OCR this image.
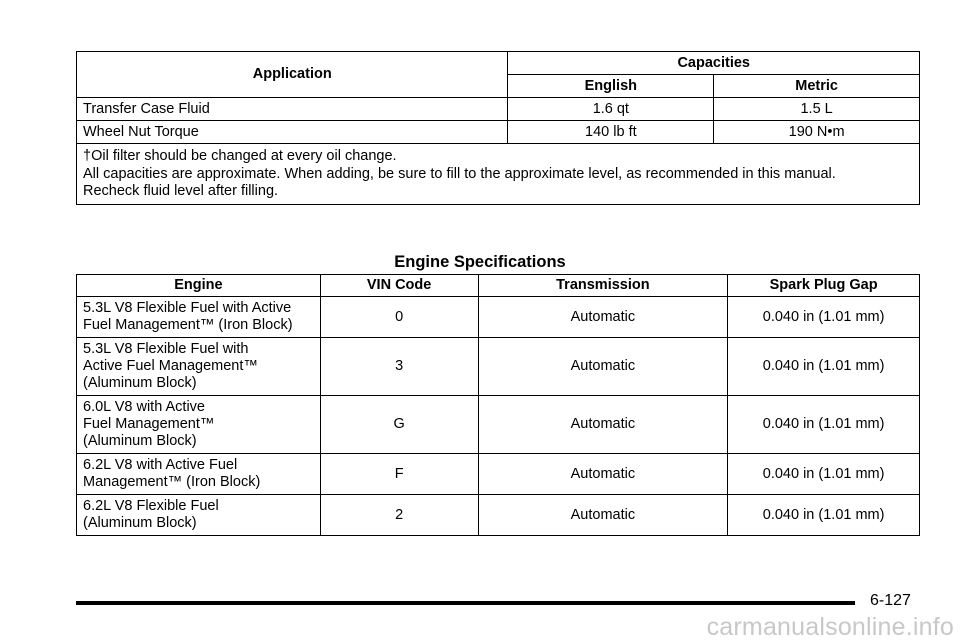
Application	Capacities	
	English	Metric
Transfer Case Fluid	1.6 qt	1.5 L
Wheel Nut Torque	140 lb ft	190 N•m

†Oil filter should be changed at every oil change.
All capacities are approximate. When adding, be sure to fill to the approximate level, as recommended in this manual.
Recheck fluid level after filling.		
Engine Specifications
Engine	VIN Code	Transmission	Spark Plug Gap

5.3L V8 Flexible Fuel with Active
Fuel Management™ (Iron Block)	0	Automatic	0.040 in (1.01 mm)

5.3L V8 Flexible Fuel with
Active Fuel Management™
(Aluminum Block)	3	Automatic	0.040 in (1.01 mm)

6.0L V8 with Active
Fuel Management™
(Aluminum Block)	G	Automatic	0.040 in (1.01 mm)

6.2L V8 with Active Fuel
Management™ (Iron Block)	F	Automatic	0.040 in (1.01 mm)

6.2L V8 Flexible Fuel
(Aluminum Block)	2	Automatic	0.040 in (1.01 mm)
6-127
carmanualsonline.info
